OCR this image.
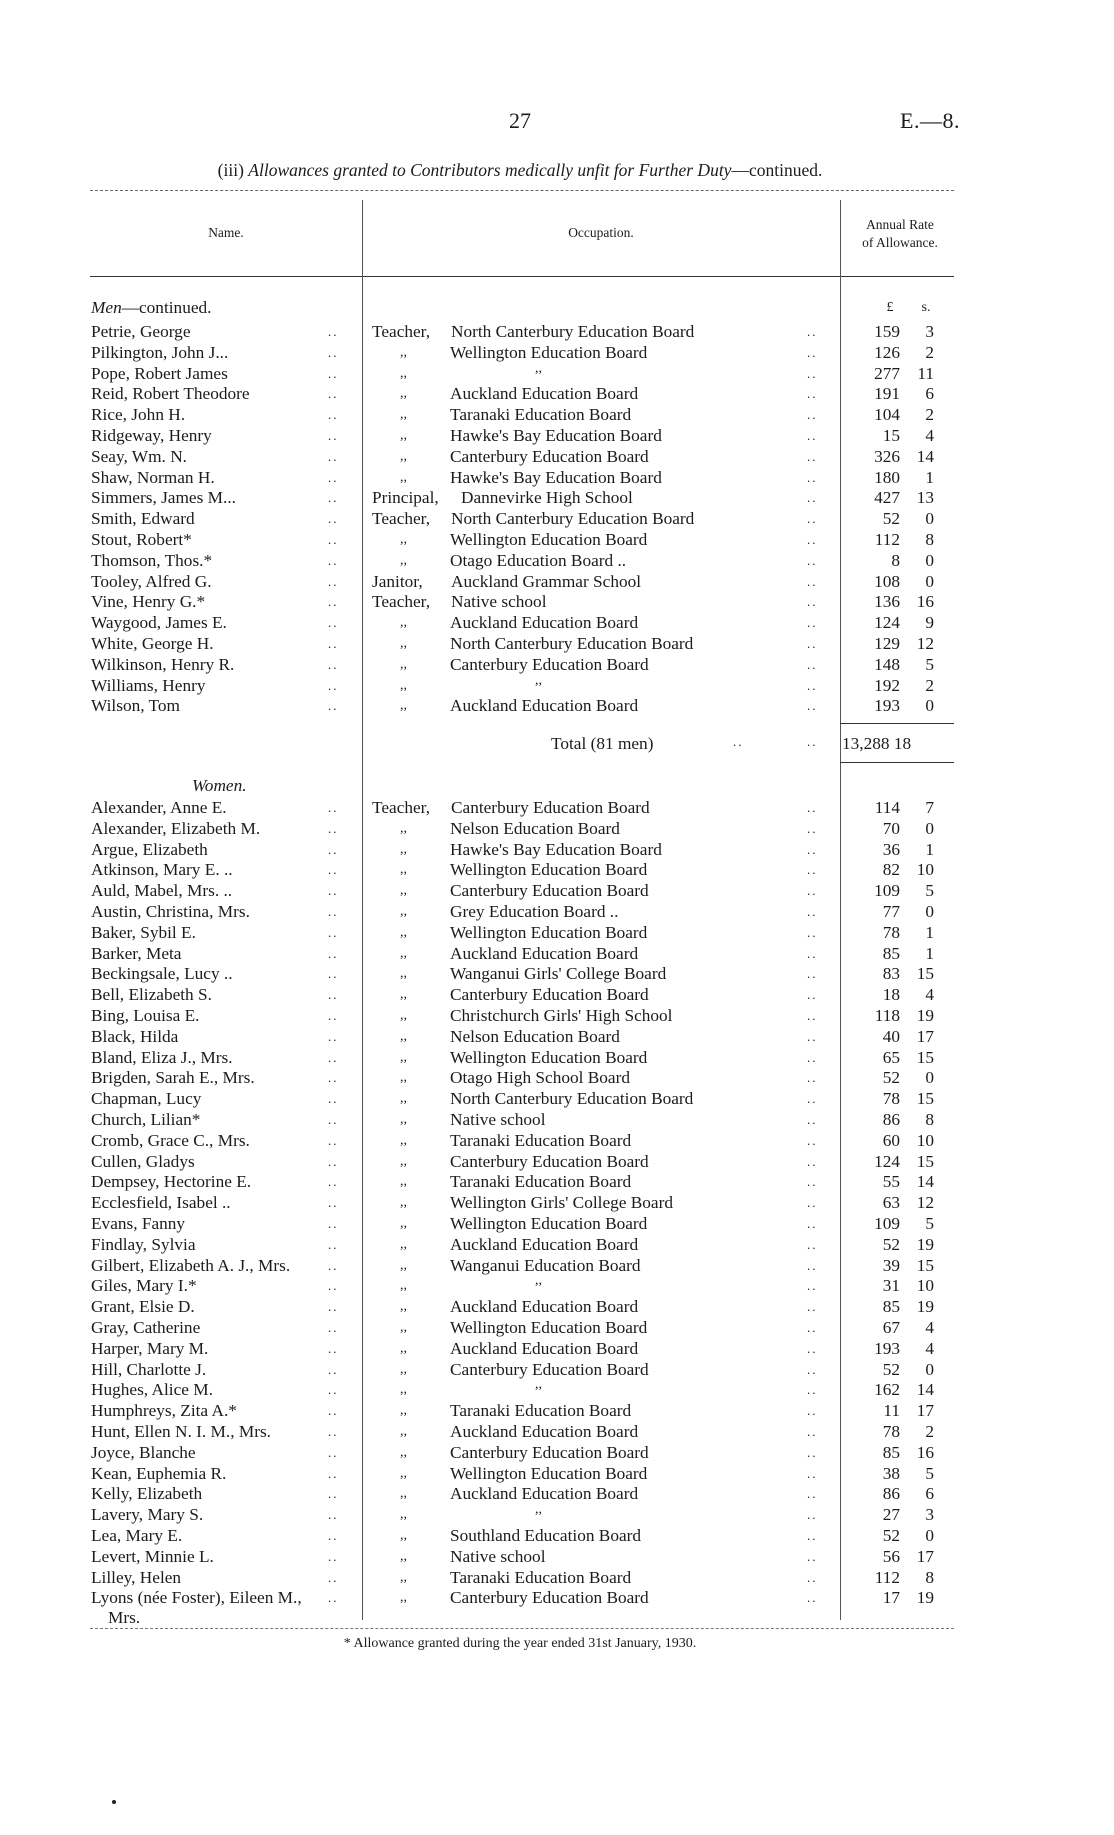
27	E.—8.
(iii) Allowances granted to Contributors medically unfit for Further Duty—continued.
Name.	Occupation.
Annual Rate
of Allowance.
£	s.
Men—continued.
Petrie, George	.. Teacher, North Canterbury Education Board	..	159	3
Pilkington, John J...	..	,, Wellington Education Board	..	126	2
Pope, Robert James	..	,,	,,	..	277	11
Reid, Robert Theodore	..	,, Auckland Education Board	..	191	6
Rice, John H.	..	,, Taranaki Education Board	..	104	2
Ridgeway, Henry	..	,, Hawke's Bay Education Board	..	15	4
Seay, Wm. N.	..	,, Canterbury Education Board	..	326 14
Shaw, Norman H.	..	,, Hawke's Bay Education Board	..	180	1
Simmers, James M...	.. Principal, Dannevirke High School	..	427 13
Smith, Edward	.. Teacher, North Canterbury Education Board	..	52	0
Stout, Robert*	..	,, Wellington Education Board	..	112	8
Thomson, Thos.*	..	,, Otago Education Board ..	..	8	0
Tooley, Alfred G.	.. Janitor, Auckland Grammar School	..	108	0
Vine, Henry G.*	.. Teacher, Native school	..	136 16
Waygood, James E.	..	,, Auckland Education Board	..	124	9
White, George H.	..	,, North Canterbury Education Board	..	129 12
Wilkinson, Henry R.	..	,, Canterbury Education Board	..	148	5
Williams, Henry	..	,,	,,	..	192	2
Wilson, Tom	..	,, Auckland Education Board	..	193	0
Total (81 men)	..	.. 13,288 18
Women.
Alexander, Anne E.	.. Teacher, Canterbury Education Board	..	114	7
Alexander, Elizabeth M.	..	,, Nelson Education Board	..	70	0
Argue, Elizabeth	..	,, Hawke's Bay Education Board	..	36	1
Atkinson, Mary E. ..	..	,, Wellington Education Board	..	82 10
Auld, Mabel, Mrs. ..	..	,, Canterbury Education Board	..	109	5
Austin, Christina, Mrs.	..	,, Grey Education Board ..	..	77	0
Baker, Sybil E.	..	,, Wellington Education Board	..	78	1
Barker, Meta	..	,, Auckland Education Board	..	85	1
Beckingsale, Lucy ..	..	,, Wanganui Girls' College Board	..	83 15
Bell, Elizabeth S.	..	,, Canterbury Education Board	..	18	4
Bing, Louisa E.	..	,, Christchurch Girls' High School	..	118 19
Black, Hilda	..	,, Nelson Education Board	..	40 17
Bland, Eliza J., Mrs.	..	,, Wellington Education Board	..	65 15
Brigden, Sarah E., Mrs.	..	,, Otago High School Board	..	52	0
Chapman, Lucy	..	,, North Canterbury Education Board	..	78 15
Church, Lilian*	..	,, Native school	..	86	8
Cromb, Grace C., Mrs.	..	,, Taranaki Education Board	..	60 10
Cullen, Gladys	..	,, Canterbury Education Board	..	124 15
Dempsey, Hectorine E.	..	,, Taranaki Education Board	..	55 14
Ecclesfield, Isabel ..	..	,, Wellington Girls' College Board	..	63 12
Evans, Fanny	..	,, Wellington Education Board	..	109	5
Findlay, Sylvia	..	,, Auckland Education Board	..	52 19
Gilbert, Elizabeth A. J., Mrs.	..	,, Wanganui Education Board	..	39 15
Giles, Mary I.*	..	,,	,,	..	31 10
Grant, Elsie D.	..	,, Auckland Education Board	..	85 19
Gray, Catherine	..	,, Wellington Education Board	..	67	4
Harper, Mary M.	..	,, Auckland Education Board	..	193	4
Hill, Charlotte J.	..	,, Canterbury Education Board	..	52	0
Hughes, Alice M.	..	,,	,,	..	162 14
Humphreys, Zita A.*	..	,, Taranaki Education Board	..	11 17
Hunt, Ellen N. I. M., Mrs.	..	,, Auckland Education Board	..	78	2
Joyce, Blanche	..	,, Canterbury Education Board	..	85 16
Kean, Euphemia R.	..	,, Wellington Education Board	..	38	5
Kelly, Elizabeth	..	,, Auckland Education Board	..	86	6
Lavery, Mary S.	..	,,	,,	..	27	3
Lea, Mary E.	..	,, Southland Education Board	..	52	0
Levert, Minnie L.	..	,, Native school	..	56 17
Lilley, Helen	..	,, Taranaki Education Board	..	112	8
Lyons (née Foster), Eileen M., ..	,, Canterbury Education Board	..	17 19
Mrs.
* Allowance granted during the year ended 31st January, 1930.
